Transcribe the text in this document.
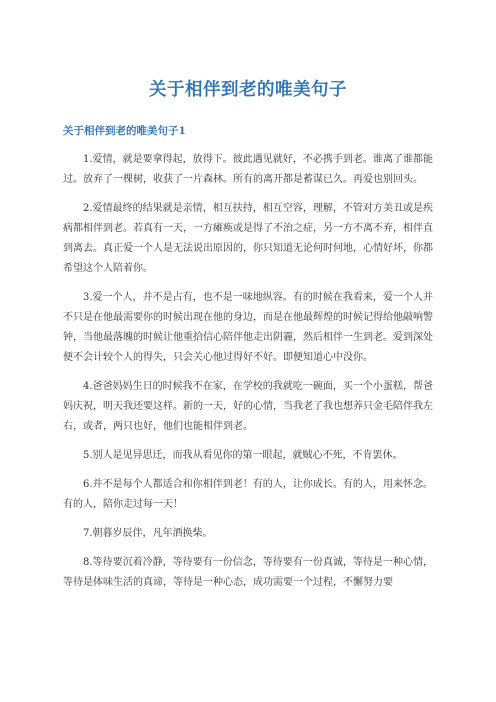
关于相伴到老的唯美句子
关于相伴到老的唯美句子1

1.爱情，就是要拿得起，放得下。彼此遇见就好，不必携手到老。谁离了谁都能过。放弃了一棵树，收获了一片森林。所有的离开都是蓄谋已久。再爱也别回头。

2.爱情最终的结果就是亲情，相互扶持，相互空容，理解，不管对方美丑或是疾病都相伴到老。若真有一天，一方瘫痪或是得了不治之症，另一方不离不弃，相伴直到离去。真正爱一个人是无法说出原因的，你只知道无论何时何地，心情好坏，你都希望这个人陪着你。

3.爱一个人，并不是占有，也不是一味地纵容。有的时候在我看来，爱一个人并不只是在他最需要你的时候出现在他的身边，而是在他最辉煌的时候记得给他敲响警钟，当他最落魄的时候让他重拾信心陪伴他走出阴霾，然后相伴一生到老。爱到深处便不会计较个人的得失，只会关心他过得好不好。即便知道心中没你。

4.爸爸妈妈生日的时候我不在家，在学校的我就吃一碗面，买一个小蛋糕，帮爸妈庆祝，明天我还要这样。新的一天，好的心情，当我老了我也想养只金毛陪伴我左右，或者，两只也好，他们也能相伴到老。

5.别人是见异思迁，而我从看见你的第一眼起，就贼心不死，不肯罢休。

6.并不是每个人都适合和你相伴到老！有的人，让你成长。有的人，用来怀念。有的人，陪你走过每一天！

7.朝暮岁辰伴，凡年酒换柴。

8.等待要沉着冷静，等待要有一份信念，等待要有一份真诚，等待是一种心情，等待是体味生活的真谛，等待是一种心态，成功需要一个过程，不懈努力要
